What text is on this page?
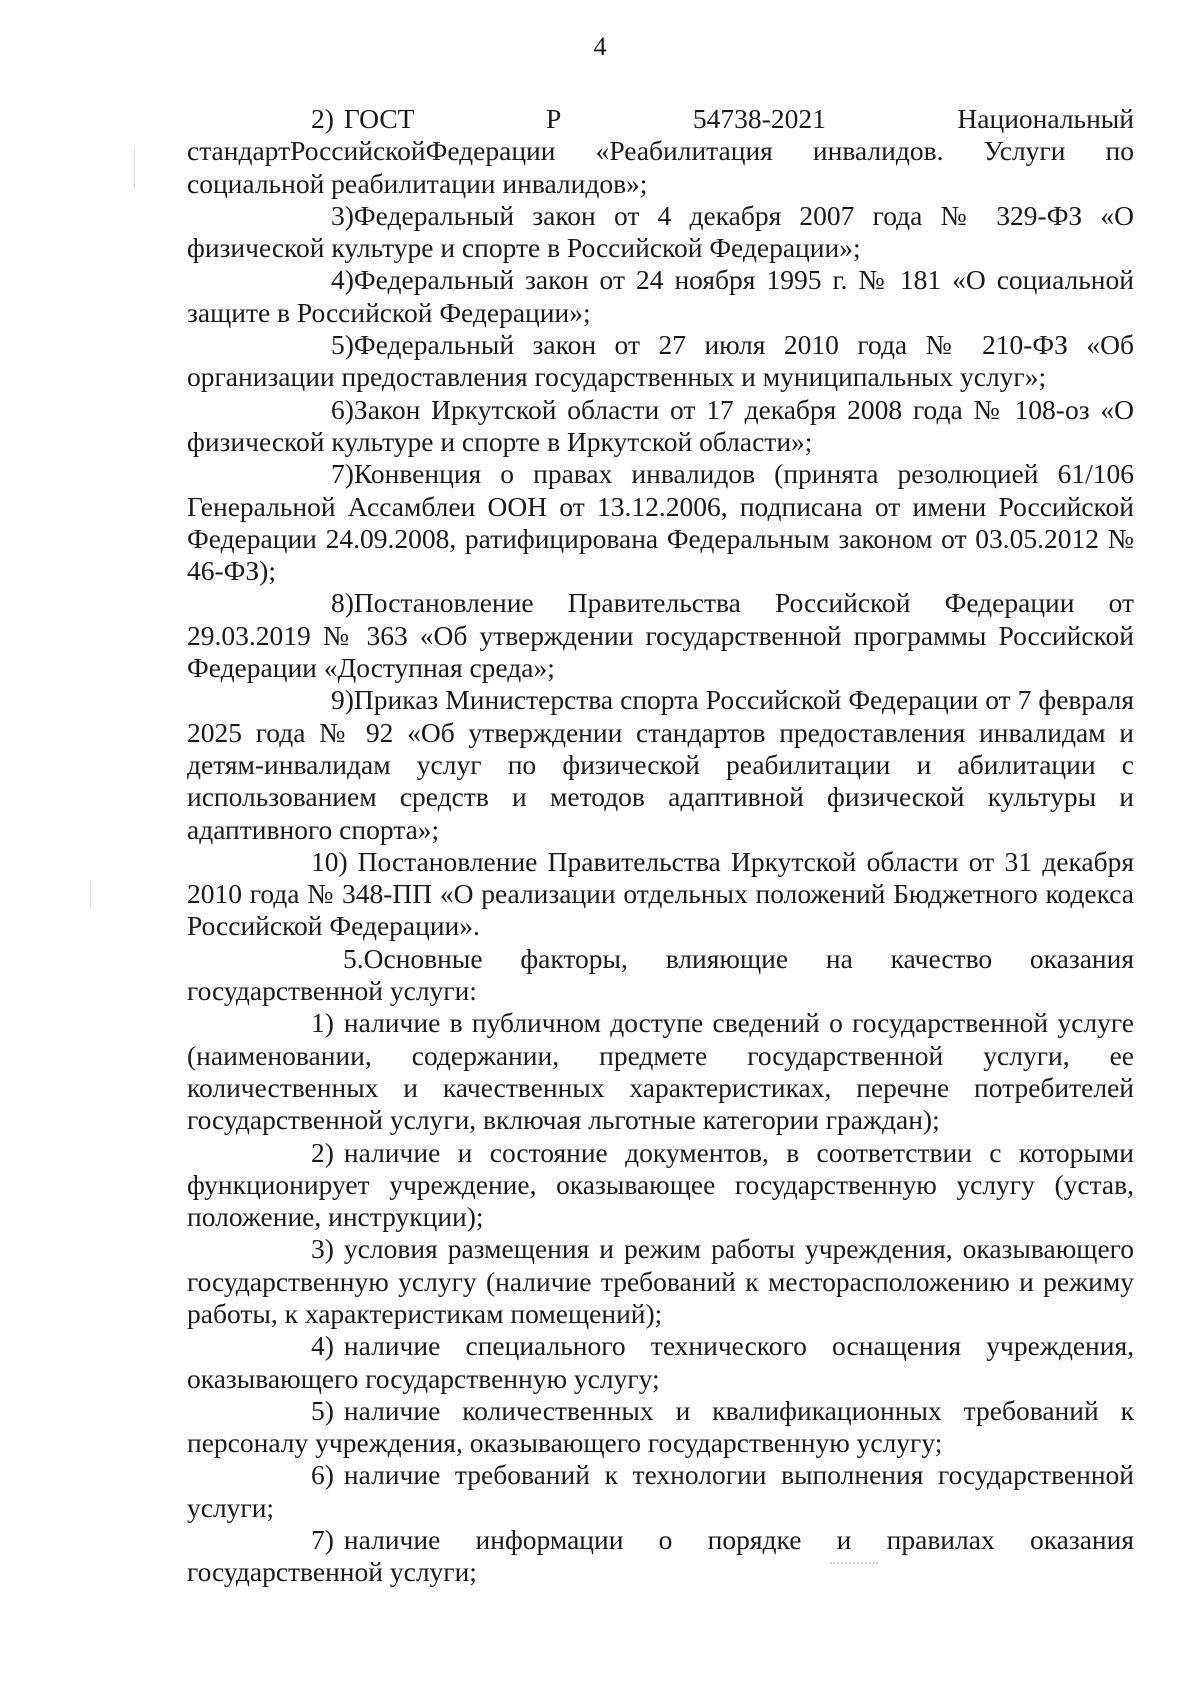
4

2) ГОСТ Р 54738-2021 Национальный стандартРоссийскойФедерации «Реабилитация инвалидов. Услуги по социальной реабилитации инвалидов»;

3)Федеральный закон от 4 декабря 2007 года № 329-ФЗ «О физической культуре и спорте в Российской Федерации»;

4)Федеральный закон от 24 ноября 1995 г. № 181 «О социальной защите в Российской Федерации»;

5)Федеральный закон от 27 июля 2010 года № 210-ФЗ «Об организации предоставления государственных и муниципальных услуг»;

6)Закон Иркутской области от 17 декабря 2008 года № 108-оз «О физической культуре и спорте в Иркутской области»;

7)Конвенция о правах инвалидов (принята резолюцией 61/106 Генеральной Ассамблеи ООН от 13.12.2006, подписана от имени Российской Федерации 24.09.2008, ратифицирована Федеральным законом от 03.05.2012 № 46-ФЗ);

8)Постановление Правительства Российской Федерации от 29.03.2019 № 363 «Об утверждении государственной программы Российской Федерации «Доступная среда»;

9)Приказ Министерства спорта Российской Федерации от 7 февраля 2025 года № 92 «Об утверждении стандартов предоставления инвалидам и детям-инвалидам услуг по физической реабилитации и абилитации с использованием средств и методов адаптивной физической культуры и адаптивного спорта»;

10) Постановление Правительства Иркутской области от 31 декабря 2010 года № 348-ПП «О реализации отдельных положений Бюджетного кодекса Российской Федерации».

5.Основные факторы, влияющие на качество оказания государственной услуги:

1) наличие в публичном доступе сведений о государственной услуге (наименовании, содержании, предмете государственной услуги, ее количественных и качественных характеристиках, перечне потребителей государственной услуги, включая льготные категории граждан);

2) наличие и состояние документов, в соответствии с которыми функционирует учреждение, оказывающее государственную услугу (устав, положение, инструкции);

3) условия размещения и режим работы учреждения, оказывающего государственную услугу (наличие требований к месторасположению и режиму работы, к характеристикам помещений);

4) наличие специального технического оснащения учреждения, оказывающего государственную услугу;

5) наличие количественных и квалификационных требований к персоналу учреждения, оказывающего государственную услугу;

6) наличие требований к технологии выполнения государственной услуги;

7) наличие информации о порядке и правилах оказания государственной услуги;
